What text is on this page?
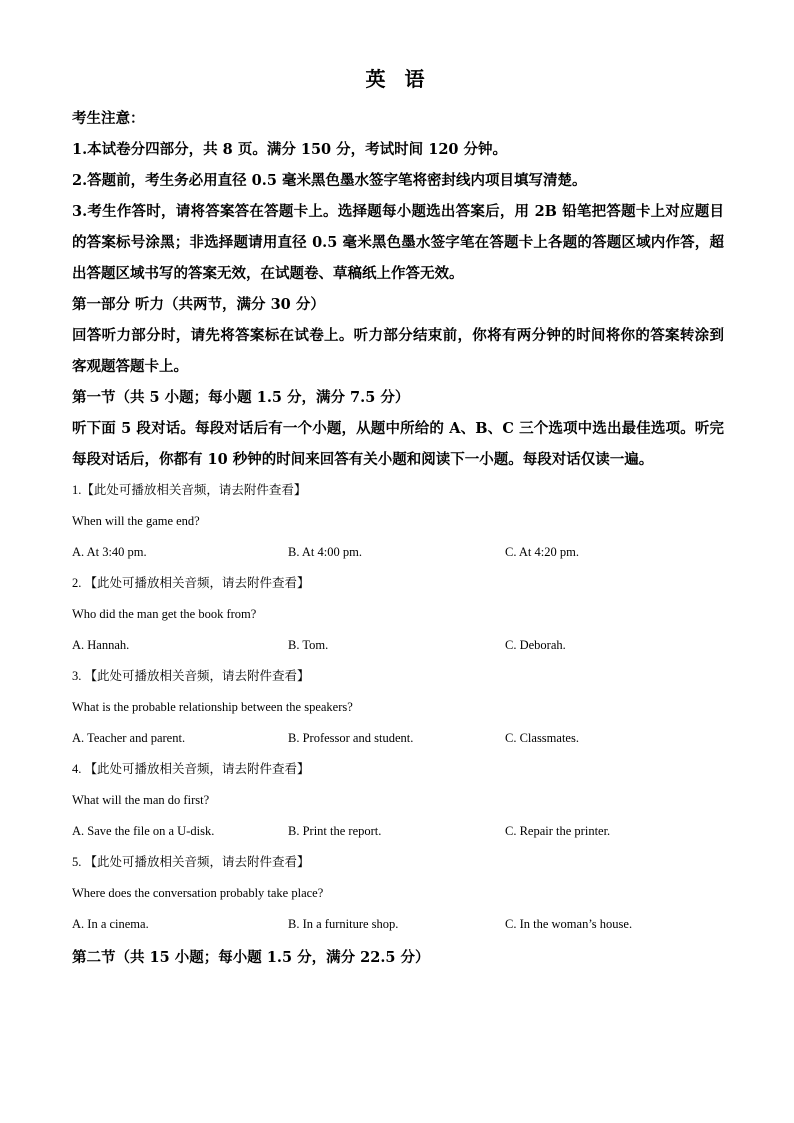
英 语

考生注意：

1.本试卷分四部分，共 8 页。满分 150 分，考试时间 120 分钟。

2.答题前，考生务必用直径 0.5 毫米黑色墨水签字笔将密封线内项目填写清楚。

3.考生作答时，请将答案答在答题卡上。选择题每小题选出答案后，用 2B 铅笔把答题卡上对应题目的答案标号涂黑；非选择题请用直径 0.5 毫米黑色墨水签字笔在答题卡上各题的答题区域内作答，超出答题区域书写的答案无效，在试题卷、草稿纸上作答无效。

第一部分 听力（共两节，满分 30 分）

回答听力部分时，请先将答案标在试卷上。听力部分结束前，你将有两分钟的时间将你的答案转涂到客观题答题卡上。

第一节（共 5 小题；每小题 1.5 分，满分 7.5 分）

听下面 5 段对话。每段对话后有一个小题，从题中所给的 A、B、C 三个选项中选出最佳选项。听完每段对话后，你都有 10 秒钟的时间来回答有关小题和阅读下一小题。每段对话仅读一遍。

1.【此处可播放相关音频，请去附件查看】

When will the game end?

A. At 3:40 pm.	B. At 4:00 pm.	C. At 4:20 pm.

2. 【此处可播放相关音频，请去附件查看】

Who did the man get the book from?

A. Hannah.	B. Tom.	C. Deborah.

3. 【此处可播放相关音频，请去附件查看】

What is the probable relationship between the speakers?

A. Teacher and parent.	B. Professor and student.	C. Classmates.

4. 【此处可播放相关音频，请去附件查看】

What will the man do first?

A. Save the file on a U-disk.	B. Print the report.	C. Repair the printer.

5. 【此处可播放相关音频，请去附件查看】

Where does the conversation probably take place?

A. In a cinema.	B. In a furniture shop.	C. In the woman’s house.

第二节（共 15 小题；每小题 1.5 分，满分 22.5 分）
